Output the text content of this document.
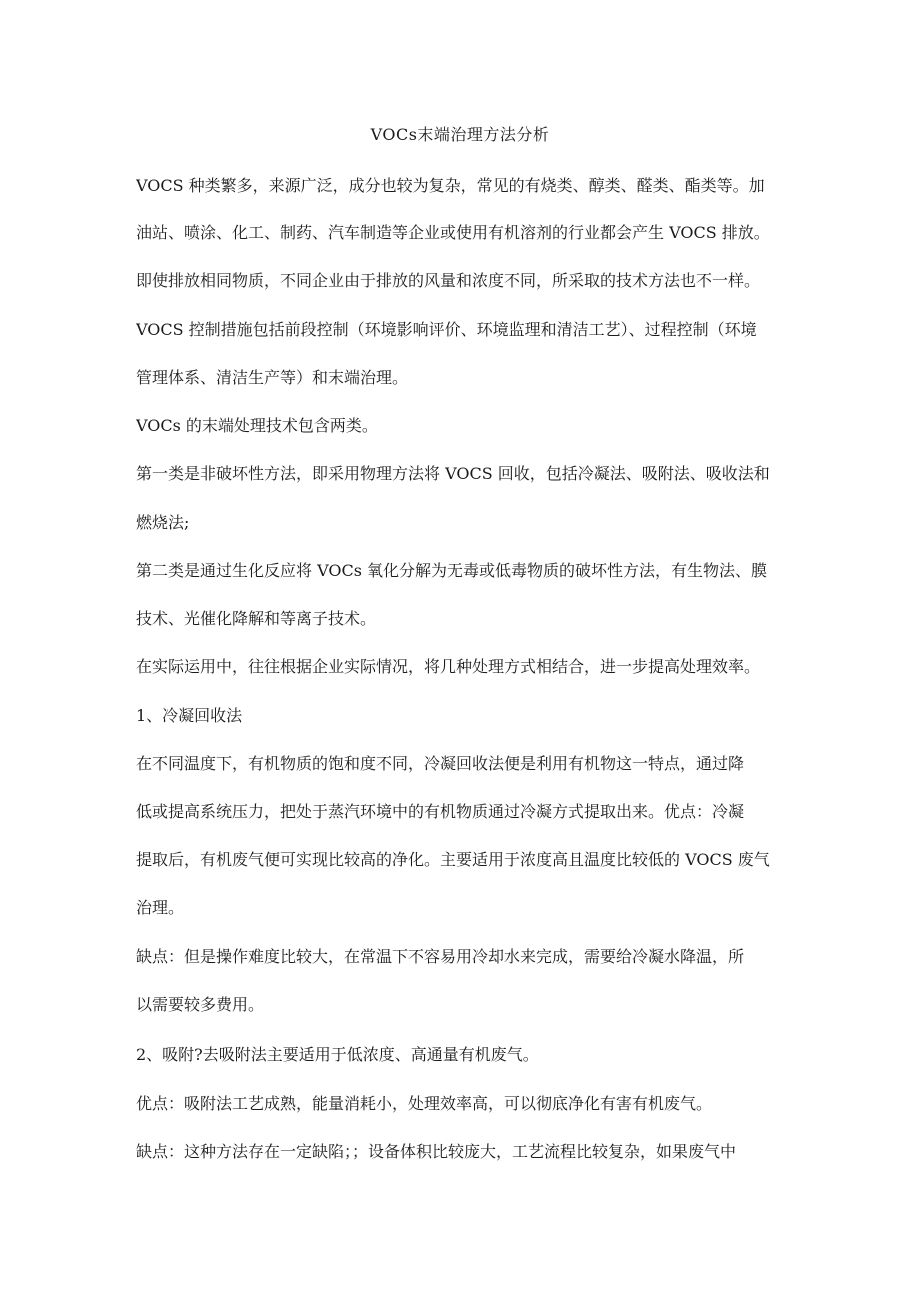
VOCs末端治理方法分析
VOCS 种类繁多，来源广泛，成分也较为复杂，常见的有烧类、醇类、醛类、酯类等。加
油站、喷涂、化工、制药、汽车制造等企业或使用有机溶剂的行业都会产生 VOCS 排放。
即使排放相同物质，不同企业由于排放的风量和浓度不同，所采取的技术方法也不一样。
VOCS 控制措施包括前段控制（环境影响评价、环境监理和清洁工艺）、过程控制（环境
管理体系、清洁生产等）和末端治理。
VOCs 的末端处理技术包含两类。
第一类是非破坏性方法，即采用物理方法将 VOCS 回收，包括冷凝法、吸附法、吸收法和
燃烧法;
第二类是通过生化反应将 VOCs 氧化分解为无毒或低毒物质的破坏性方法，有生物法、膜
技术、光催化降解和等离子技术。
在实际运用中，往往根据企业实际情况，将几种处理方式相结合，进一步提高处理效率。
1、冷凝回收法
在不同温度下，有机物质的饱和度不同，冷凝回收法便是利用有机物这一特点，通过降
低或提高系统压力，把处于蒸汽环境中的有机物质通过冷凝方式提取出来。优点：冷凝
提取后，有机废气便可实现比较高的净化。主要适用于浓度高且温度比较低的 VOCS 废气
治理。
缺点：但是操作难度比较大，在常温下不容易用冷却水来完成，需要给冷凝水降温，所
以需要较多费用。
2、吸附?去吸附法主要适用于低浓度、高通量有机废气。
优点：吸附法工艺成熟，能量消耗小，处理效率高，可以彻底净化有害有机废气。
缺点：这种方法存在一定缺陷；；设备体积比较庞大，工艺流程比较复杂，如果废气中
